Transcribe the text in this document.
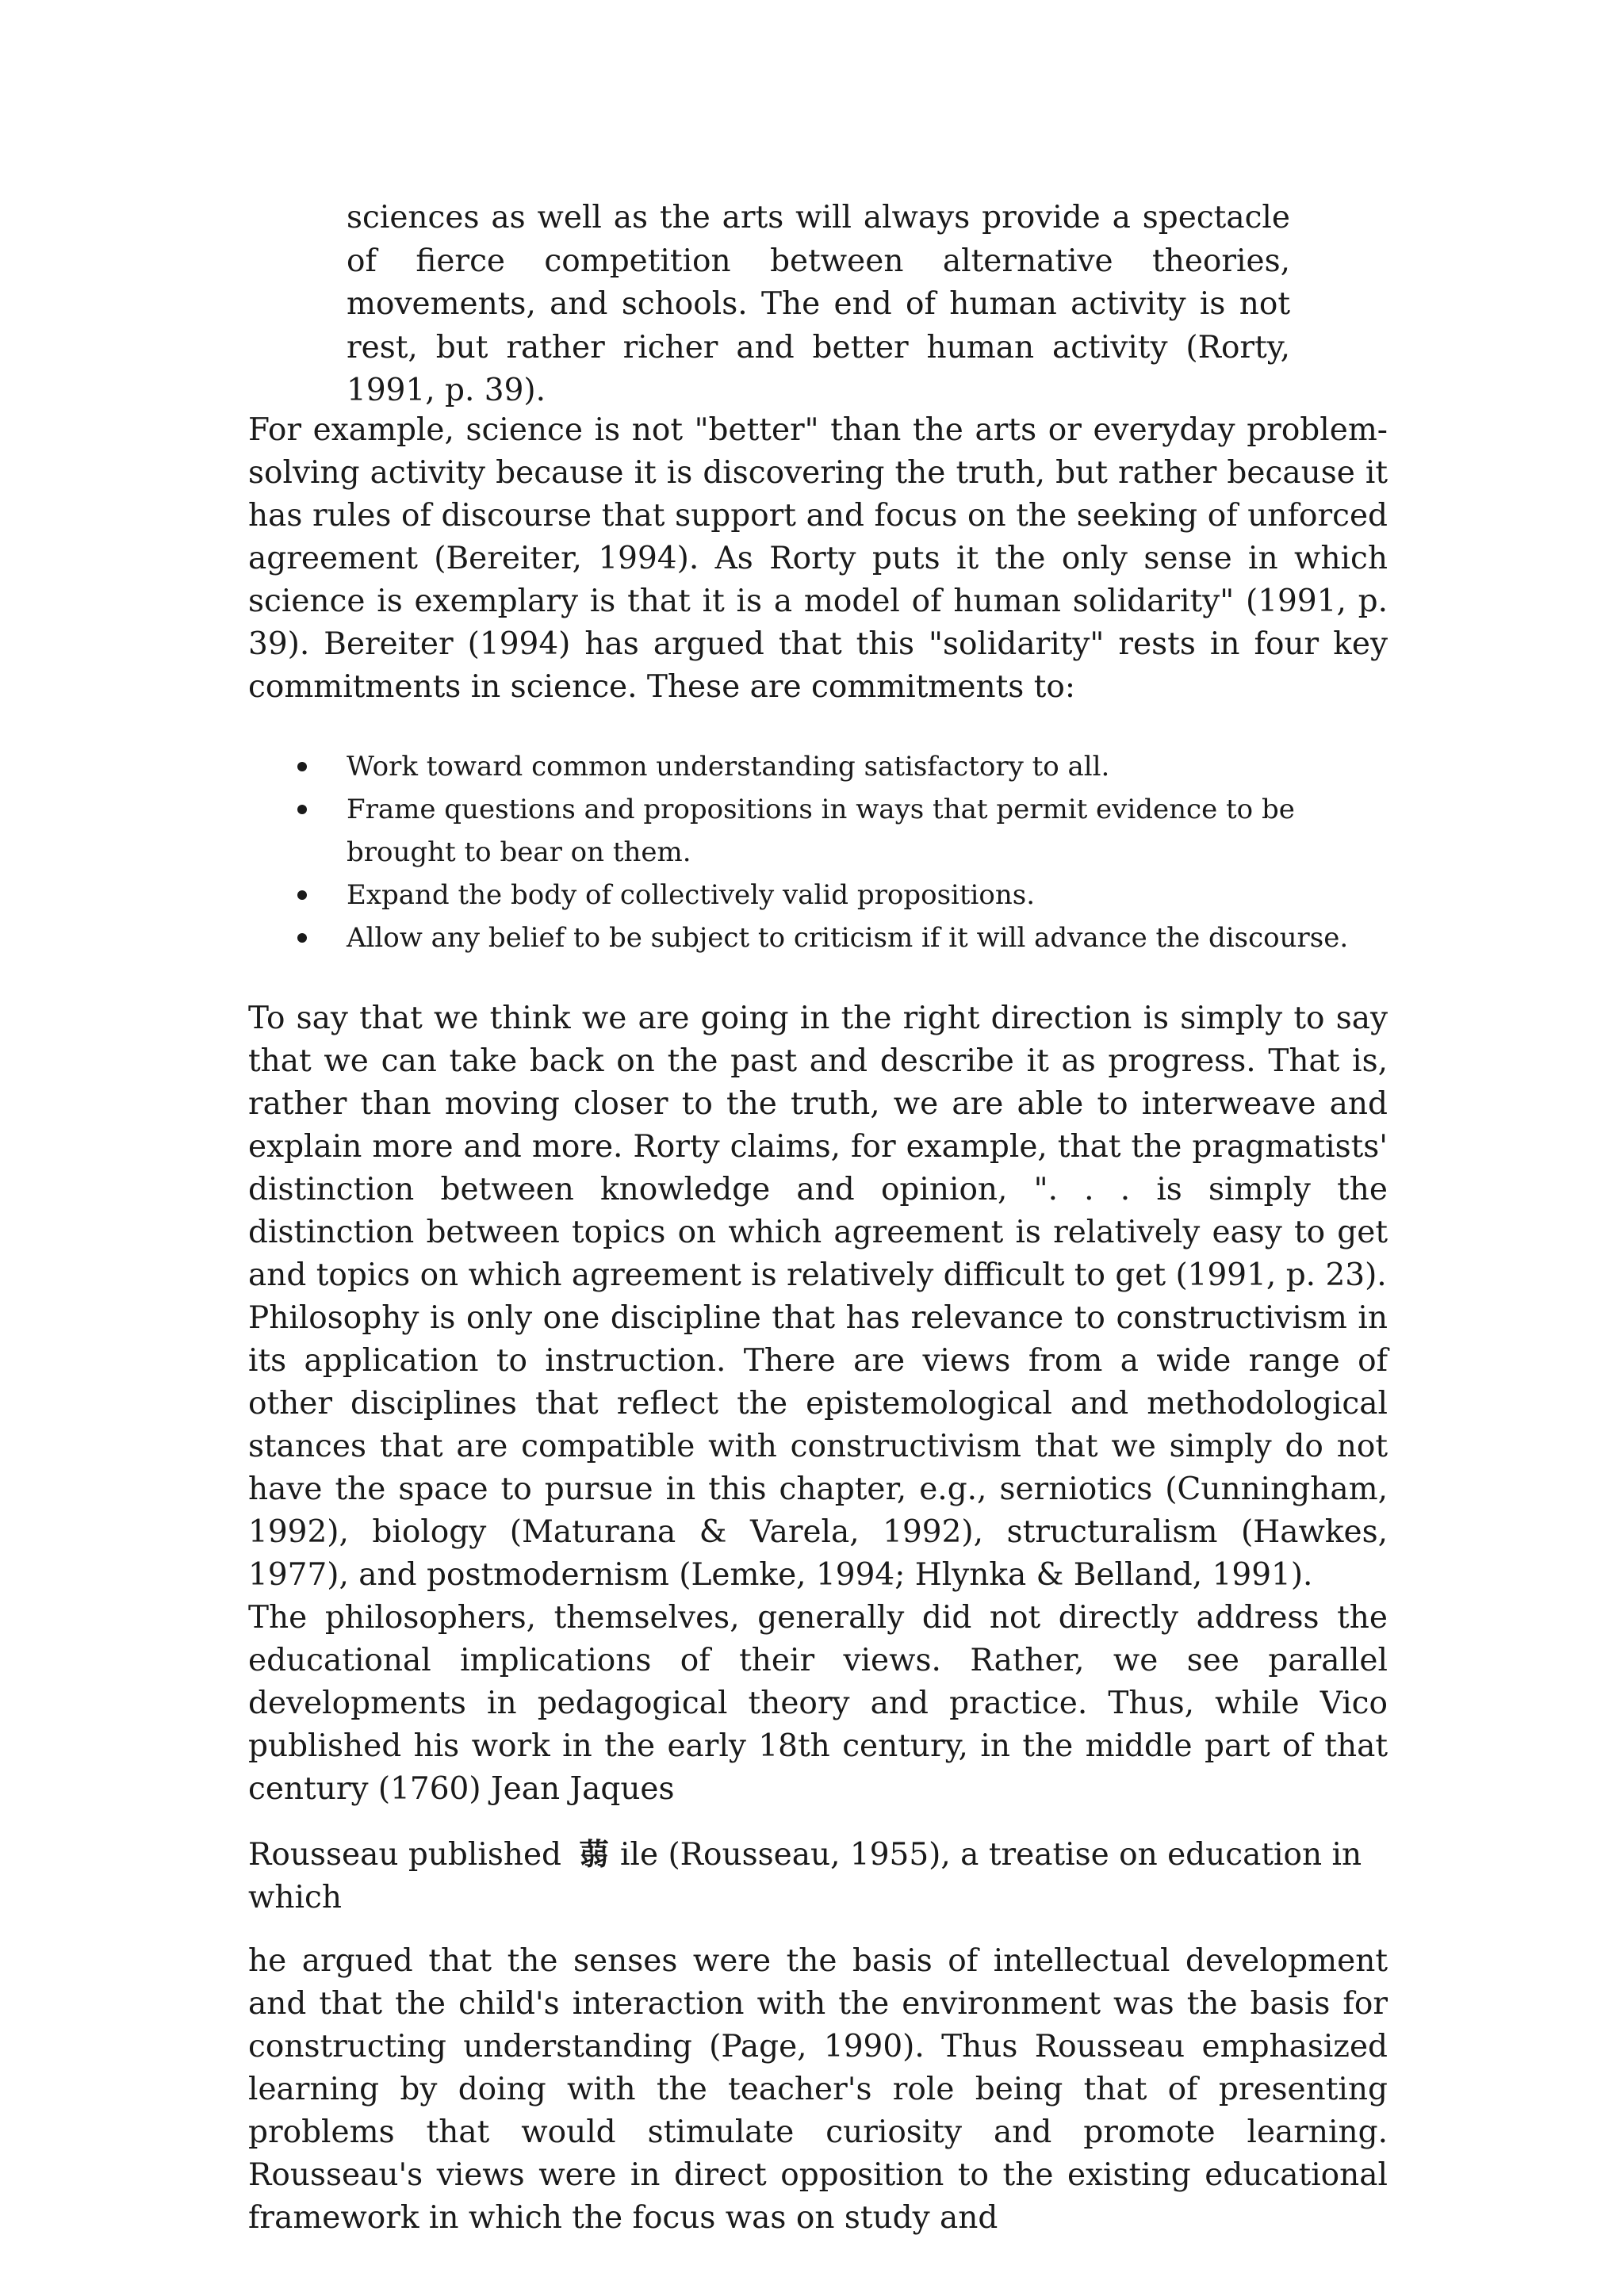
sciences as well as the arts will always provide a spectacle of fierce competition between alternative theories, movements, and schools. The end of human activity is not rest, but rather richer and better human activity (Rorty, 1991, p. 39).

For example, science is not "better" than the arts or everyday problem-solving activity because it is discovering the truth, but rather because it has rules of discourse that support and focus on the seeking of unforced agreement (Bereiter, 1994). As Rorty puts it the only sense in which science is exemplary is that it is a model of human solidarity" (1991, p. 39). Bereiter (1994) has argued that this "solidarity" rests in four key commitments in science. These are commitments to:

Work toward common understanding satisfactory to all.
Frame questions and propositions in ways that permit evidence to be brought to bear on them.
Expand the body of collectively valid propositions.
Allow any belief to be subject to criticism if it will advance the discourse.

To say that we think we are going in the right direction is simply to say that we can take back on the past and describe it as progress. That is, rather than moving closer to the truth, we are able to interweave and explain more and more. Rorty claims, for example, that the pragmatists' distinction between knowledge and opinion, ". . . is simply the distinction between topics on which agreement is relatively easy to get and topics on which agreement is relatively difficult to get (1991, p. 23).

Philosophy is only one discipline that has relevance to constructivism in its application to instruction. There are views from a wide range of other disciplines that reflect the epistemological and methodological stances that are compatible with constructivism that we simply do not have the space to pursue in this chapter, e.g., serniotics (Cunningham, 1992), biology (Maturana & Varela, 1992), structuralism (Hawkes, 1977), and postmodernism (Lemke, 1994; Hlynka & Belland, 1991).

The philosophers, themselves, generally did not directly address the educational implications of their views. Rather, we see parallel developments in pedagogical theory and practice. Thus, while Vico published his work in the early 18th century, in the middle part of that century (1760) Jean Jaques

Rousseau published 蒻 ile (Rousseau, 1955), a treatise on education in which

he argued that the senses were the basis of intellectual development and that the child's interaction with the environment was the basis for constructing understanding (Page, 1990). Thus Rousseau emphasized learning by doing with the teacher's role being that of presenting problems that would stimulate curiosity and promote learning. Rousseau's views were in direct opposition to the existing educational framework in which the focus was on study and
